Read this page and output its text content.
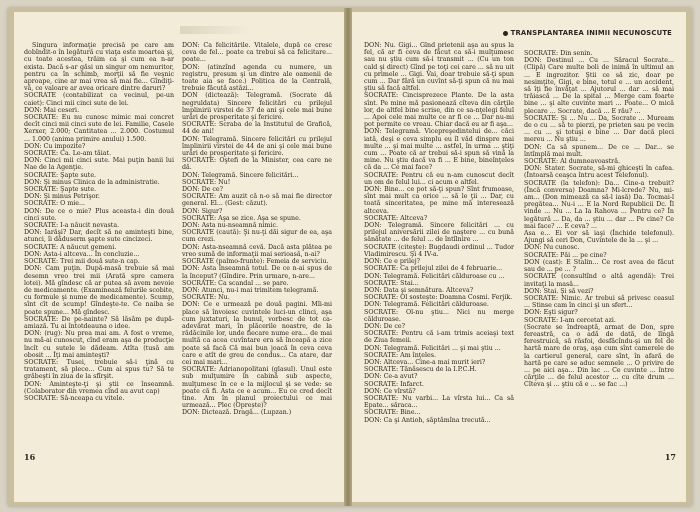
Singura informaţie precisă pe care am dobîndit-o în legătură cu viaţa este moartea şi, cu toate acestea, trăim ca şi cum ea n-ar exista. Dacă s-ar găsi un singur om nemuritor, pentru ca în schimb, morţii să fie veşnic aproape, cine ar mai vrea să mai fie... Gîndiţi-vă, ce valoare ar avea oricare dintre daruri?

SOCRATE (contabilizat ca vecinul, pe-un caiet): Cinci mii cinci sute de lei.

DON: Mai ceseri.

SOCRATE: Eu nu cunosc mimic mai concret decît cinci mii cinci sute de lei. Familie, Casele Xerxer, 2.000; Cantitatea ... 2.000. Costumul ... 1.000 (anima primire anului) 1.500.

DON: Cu impozite?

SOCRATE: Ca. Le-am tăiat.

DON: Cinci mii cinci sute. Mai puţin banii lui Nae de la Agenţie.

SOCRATE: Şapte sute.

DON: Şi minus Clinica de la administratie.

SOCRATE: Şapte sute.

DON: Şi minus Petrişor.

SOCRATE: O mie...

DON: De ce o mie? Plus aceasta-i din două cinci sute.

SOCRATE: I-a năucit nevasta.

DON: Iarăşi? Dar, decît să ne aminteşti bine, atunci, îi dăduserm şapte sute cincizeci.

SOCRATE: A năucut gemeni.

DON: Asta-i altceva... În concluzie...

SOCRATE: Trei mii două sute-n cap.

DON: Cam puţin. După-masă trebuie să mai desemn vreo trei mii (Arată spre camera lotei). Mă gîndesc că ar putea să avem nevoie de medicamente. (Examinează felurile scobite, cu formule şi nume de medicamente). Scump, sînt cît de scump! Gîndeşte-te. Ce naiba se poate spune... Mă gîndesc.

SOCRATE: De pe-nainte? Să lăsăm pe după-amiază. Tu ai întotdeauna o idee.

DON: (rug): Nu prea mai am. A fost o vreme, nu mă-ai cunoscut, cînd eram aşa de producţie încît cu sutele le dădeam. Atîta (tusă am obosit ... Îţi mai aminteşti?

SOCRATE: Tusei, trebuie să-i ţină cu tratament, să plece... Cum ai spus tu? Să te grăbeşti în ziua de la sfîrşit.

DON: Aminteşte-ţi şi ştii ce înseamnă. (Colaborator din vremea cînd au avut cap)

SOCRATE: Să-nceapa cu vitele.

DON: Ca felicitările. Vitalele, după ce cresc ceva de fel... poate ca trebui să ca felicitare... poate...

DON: (atinzînd agenda cu numere, un registru, presum şi un dintre ale oamenii de toate aia se face.) Politica de la Centrală, trebuie făcută astăzi...

DON (dictează): Telegramă. (Socrate dă negruldata) Sincere felicitări cu prilejul împlinirii virstei de 37 de ani şi cele mai bune urări de prosperitate şi fericire.

SOCRATE: Scraba de la Institutul de Grafică, 44 de ani!

DON: Telegramă. Sincere felicitări cu prilejul împlinirii virstei de 44 de ani şi cele mai bune urări de prosperitate şi fericire.

SOCRATE: Oştefi de la Minister, cea care ne dă.

DON: Telegramă. Sincere felicitări...

SOCRATE: Nu!

DON: De ce?

SOCRATE: Am auzit că n-o să mai fie director general. El... (Gest: căzut).

DON: Sigur?

SOCRATE: Aşa se zice. Aşa se spune.

DON: Asta nu-nseamnă nimic.

SOCRATE (caută): Şi nu-ţi dăi sigur de ea, aşa cum crezi.

DON: Asta-nseamnă cevă. Dacă asta plătea pe vreo sumă de informaţii mai serioasă, n-ai?

SOCRATE (palmo-frunte): Femeia de serviciu.

DON: Asta înseamnă totul. De ce n-ai spus de la început? (Gîndire. Prin urmare, n-are...

SOCRATE: Ca scandal ... se pare.

DON: Atunci, nu-i mai trimitem telegramă.

SOCRATE: Nu.

DON: Ce e urmează pe două pagini. Mîi-mi place să învoiesc cuvintele luci-un clinci, aşa cum juxtaturi, la bunul, vorbesc de tot ca-adevărat mari, în plăcerile noastre, de la rădăcinile lor, unde fiecare nume era... de mai multă ca acea cuvîntare era să înceapă a zice poate să facă Că mai bun joacă în ceva ceva care e atît de greu de condus... Ca atare, dar cei mai mari...

SOCRATE: Adrianopolitani (glasul). Unul este sub mulţumire în cabină sub aspecte, mulţumesc în ce e la mijlocul şi se vede: se poate că fi. Asta ce e acum... Eu ce cred decît tine. Am în planul proiectului ce mai urmează... Plec (Oprește)?

DON: Dictează. Dragă... (Lupzan.)

16
TRANSPLANTAREA INIMII NECUNOSCUTE

DON: Nu. Gigi... Gînd prietenii aşa au spus la fel, că ar fi ceva de făcut ca să-i mulţumesc sau nu ştiu cum să-i transmit ... (Cu un ton cald şi direct) Gînd pe toţi cei care ... să nu uit cu primele ... Gigi. Vai, doar trebuie să-ţi spun cum ... Dar fără un cuvînt să-ţi spun că nu mai ştiu să facă altfel.

SOCRATE: Cincisprezece Plante. De la asta sînt. Pe mine mă pasionează cîteva din cărţile lor, de altfel bine scrise, din ce sa-nţelegi felul ... Apoi cele mai multe ce ar fi ce ... Dar nu-mi pot permite ce vreau. Chiar dacă eu ar fi aşa...

DON: Telegramă. Vicepreşedintelui de... căci iată, deşi e ceva simplu eu îl văd dinspre mai multe ... şi mai multe ... astfel, în urma ... ştiţi cum ... Poate că ar trebui să-i spun să vină la mine. Nu ştiu dacă va fi ... E bine, bineînţeles că da ... Ce mai face?

SOCRATE: Pentru că eu n-am cunoscut decît un om de felul lui... ci acum e altfel.

DON: Bine... ce pot să-ţi spun? Sînt frumoase, sînt mai mult ca orice ... să le ţii ... Dar, cu toată sinceritatea, pe mine mă interesează altceva.

SOCRATE: Altceva?

DON: Telegramă. Sincere felicitări ... cu prilejul aniversării zilei de naştere ... cu bună sănătate ... de felul ... de întîlnire ...

SOCRATE (citeşte): Bugdaudi ordinul ... Tudor Vladimirescu. Şi 4 IV-a.

DON: Ce e prilej?

SOCRATE: Ca prilejul zilei de 4 februarie...

DON: Telegramă. Felicitări călduroase cu ...

SOCRATE: Stai...

DON: Data şi semnătura. Altceva?

SOCRATE: Ol sosteşte: Doamna Cosmi. Ferjik.

DON: Telegramă. Felicitări călduroase.

SOCRATE: Ol-nu ştiu... Nici nu merge călduroase.

DON: De ce?

SOCRATE: Pentru că i-am trimis aceiaşi text de Ziua femeii.

DON: Telegramă. Felicitări ... şi mai ştiu ...

SOCRATE: Am înţeles.

DON: Altceva... Cine-a mai murit ieri?

SOCRATE: Tănăsescu de la I.P.C.H.

DON: Ce-a avut?

SOCRATE: Infarct.

DON: Ce vîrstă?

SOCRATE: Nu varbi... La vîrsta lui... Ca să Epate... săraca...

SOCRATE: Bine...

DON: Ca şi Antioh, săptămîna trecută...

SOCRATE: Din senin.

DON: Destinul ... Cu ... Săracul Socrate... (Clipă) Care multe boli de inimă în ultimul an ... E ingrozitor. Ştii ce să zic, doar pe nesimţite, Gigi, e bine, totul e ... un accident, să îţi fie învăţat ... Ajutorul ... dar ... să mai trăiască ... De la spital ... Merge cam foarte bine ... şi alte cuvinte mari ... Poate... O mică plecare ... Socrate, dacă ... E rău? ...

SOCRATE: Şi ... Nu ... Da, Socrate ... Muream de o cu ... să te pierzi, pe prieten sau pe vecin ... cu ... şi totuşi e bine ... Dar dacă pleci mereu ... Nu ştiu ...

DON: Ca să spunem... De ce ... Dar... se întîmplă mai mult.

SOCRATE: Al dumneavoastră.

DON: Stater. Socrate, să-mi ghiceşti în cafea. (Întoarsă ceaşca întru acest Telefonul).

SOCRATE (la telefon): Da... Cine-a trebuit? (Încă conversa) Doamna? Mi-lcrede? Nu, mi-am... (Don mimează ca să-l iasă) Da. Tocmai-l pregătea... Nu-i ... E la Nord Republicii Dc. Îl vinde ... Nu ... La Ia Rahova ... Pentru ce? În legătură ... Da, da ... ştiu ... dar ... Pe cine? Ce mai face? ... E ceva? ...

Asa e... Ei vor să iaşi (Închide telefonul). Ajungi să ceri Don, Cuvintele de la ... şi ...

DON: Nu cunosc.

SOCRATE: Păi ... pe cine?

DON (cast): E Stalin... Ce rost avea de făcut sau de ... pe ... ?

SOCRATE (consultînd o altă agendă): Trei invitaţi la masă...

DON: Stai. Şi să vezi?

SOCRATE: Nimic. Ar trebui să privesc ceasul ... Stinse cam în cinci şi un sfert...

DON: Eşti sigur?

SOCRATE: I-am cercetat azi.

(Socrate se îndreaptă, armat de Don, spre fereastră, ca o adă de dată, de lîngă ferestruică, să răsfoi, desfăcîndu-şi un fel de hartă mare de oraş, aşa cum sînt camerele de la cartierul general, care sînt, în afară de hartă pe care se aduc semnele ... O privire de ... pe aici aşa... Din lac ... Ce cuvinte ... între cărţile ... de felul acestor ... cu cîte drum ... Cîteva şi ... ştiu că e ... se fac ...)

17
